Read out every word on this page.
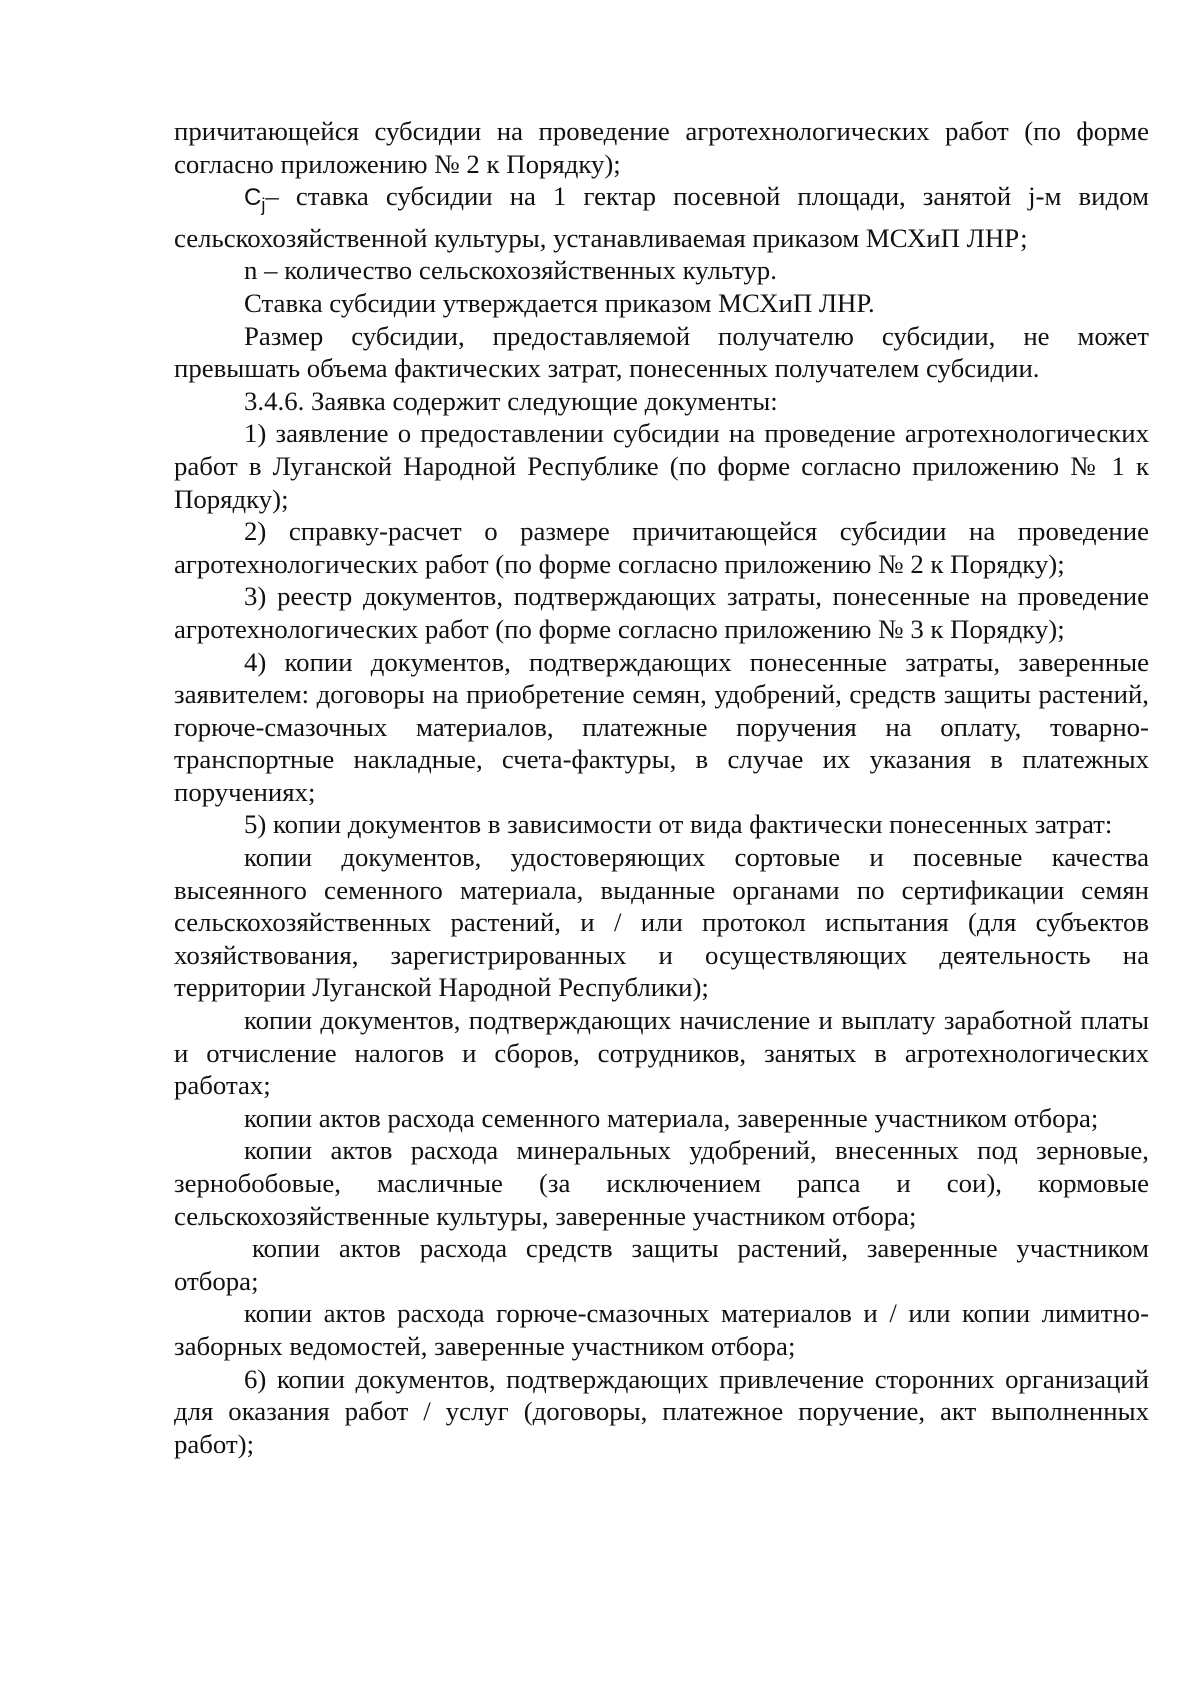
причитающейся субсидии на проведение агротехнологических работ (по форме согласно приложению № 2 к Порядку);

$C_j-$ ставка субсидии на 1 гектар посевной площади, занятой j-м видом сельскохозяйственной культуры, устанавливаемая приказом МСХиП ЛНР;

n – количество сельскохозяйственных культур.

Ставка субсидии утверждается приказом МСХиП ЛНР.

Размер субсидии, предоставляемой получателю субсидии, не может превышать объема фактических затрат, понесенных получателем субсидии.

3.4.6. Заявка содержит следующие документы:

1) заявление о предоставлении субсидии на проведение агротехнологических работ в Луганской Народной Республике (по форме согласно приложению № 1 к Порядку);

2) справку-расчет о размере причитающейся субсидии на проведение агротехнологических работ (по форме согласно приложению № 2 к Порядку);

3) реестр документов, подтверждающих затраты, понесенные на проведение агротехнологических работ (по форме согласно приложению № 3 к Порядку);

4) копии документов, подтверждающих понесенные затраты, заверенные заявителем: договоры на приобретение семян, удобрений, средств защиты растений, горюче-смазочных материалов, платежные поручения на оплату, товарно-транспортные накладные, счета-фактуры, в случае их указания в платежных поручениях;

5) копии документов в зависимости от вида фактически понесенных затрат:

копии документов, удостоверяющих сортовые и посевные качества высеянного семенного материала, выданные органами по сертификации семян сельскохозяйственных растений, и / или протокол испытания (для субъектов хозяйствования, зарегистрированных и осуществляющих деятельность на территории Луганской Народной Республики);

копии документов, подтверждающих начисление и выплату заработной платы и отчисление налогов и сборов, сотрудников, занятых в агротехнологических работах;

копии актов расхода семенного материала, заверенные участником отбора;

копии актов расхода минеральных удобрений, внесенных под зерновые, зернобобовые, масличные (за исключением рапса и сои), кормовые сельскохозяйственные культуры, заверенные участником отбора;

копии актов расхода средств защиты растений, заверенные участником отбора;

копии актов расхода горюче-смазочных материалов и / или копии лимитно-заборных ведомостей, заверенные участником отбора;

6) копии документов, подтверждающих привлечение сторонних организаций для оказания работ / услуг (договоры, платежное поручение, акт выполненных работ);
